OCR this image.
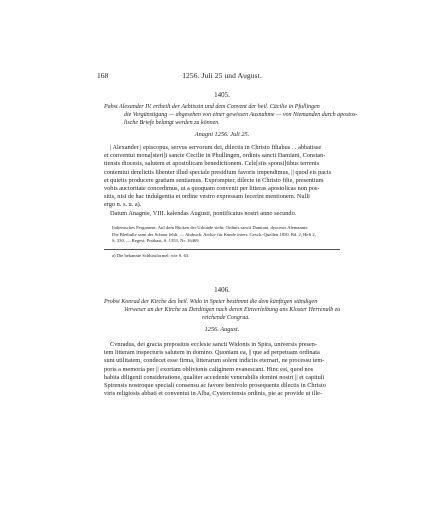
168	1256. Juli 25 und August.
1405.
Pabst Alexander IV. ertheilt der Aebtissin und dem Convent der heil. Cäcilie in Pfullingen
die Vergünstigung — abgesehen von einer gewissen Ausnahme — von Niemanden durch apostos-
lische Briefe belangt werden zu können.
Anagni 1256. Juli 25.
| Alexander | episcopus, servus servorum dei, dilectis in Christo filiabus . . abbatisse
et conventui mona[steri]i sancte Cecilie in Phullingen, ordinis sancti Damiani, Constan-
tiensis diocesis, salutem et apostolicam benedictionem. Cele[stis sponsi]tibus terrenis
contemtui derelictis libenter illud speciale presidium favoris impendimus, || quod eis pacis
et quietis producere gratiam sentiamus. Exprompter, dilecte in Christo filie, presentium
vobis auctoritate concedimus, ut a quoquam convenii per litteras apostolicas non pos-
sitis, nisi de hac indulgentia et ordine vestro expressam fecerint mentionem. Nulli
ergo n. s. u. a).
Datum Anagnie, VIII. kalendas Augusti, pontificatus nostri anno secundo.
Italienisches Pergament. Auf dem Rücken der Urkunde steht: Ordinis sancti Damiani, dyocesis Alemannie.
Die Bleibulle samt der Schnur fehlt. — Abdruck: Archiv für Kunde österr. Gesch.-Quellen 1850, Bd. 2, Heft 2,
S. 330. — Regest: Potthast, S. 1353, Nr. 16469.
a) Die bekannte Schlussformel: wie S. 63.
1406.
Probst Konrad der Kirche des heil. Wido in Speier bestimmt die dem künftigen ständigen
Verweser an der Kirche zu Derdingen nach deren Einverleibung ans Kloster Herrenalb zu
reichende Congrua.
1256. August.
Cvnradus, dei gracia prepositus ecclesie sancti Widonis in Spira, universis presen-
tem litteram inspecturis salutem in domino. Quoniam ea, || que ad perpetuam ordinata
sunt utilitatem, condecet esse firma, litterarum solent indiciis eternari, ne processu tem-
poris a memoria per || exortam oblivionis caliginem evanescant. Hinc est, quod nos
habita diligenti consideratione, qualiter accedente venerabilis domini nostri || et capituli
Spirensis nostroque speciali consensu ac favore benivolo prosequente dilectis in Christo
viris religiosis abbati et conventui in Alba, Cysterciensis ordinis, pie ac provide ut ille-
